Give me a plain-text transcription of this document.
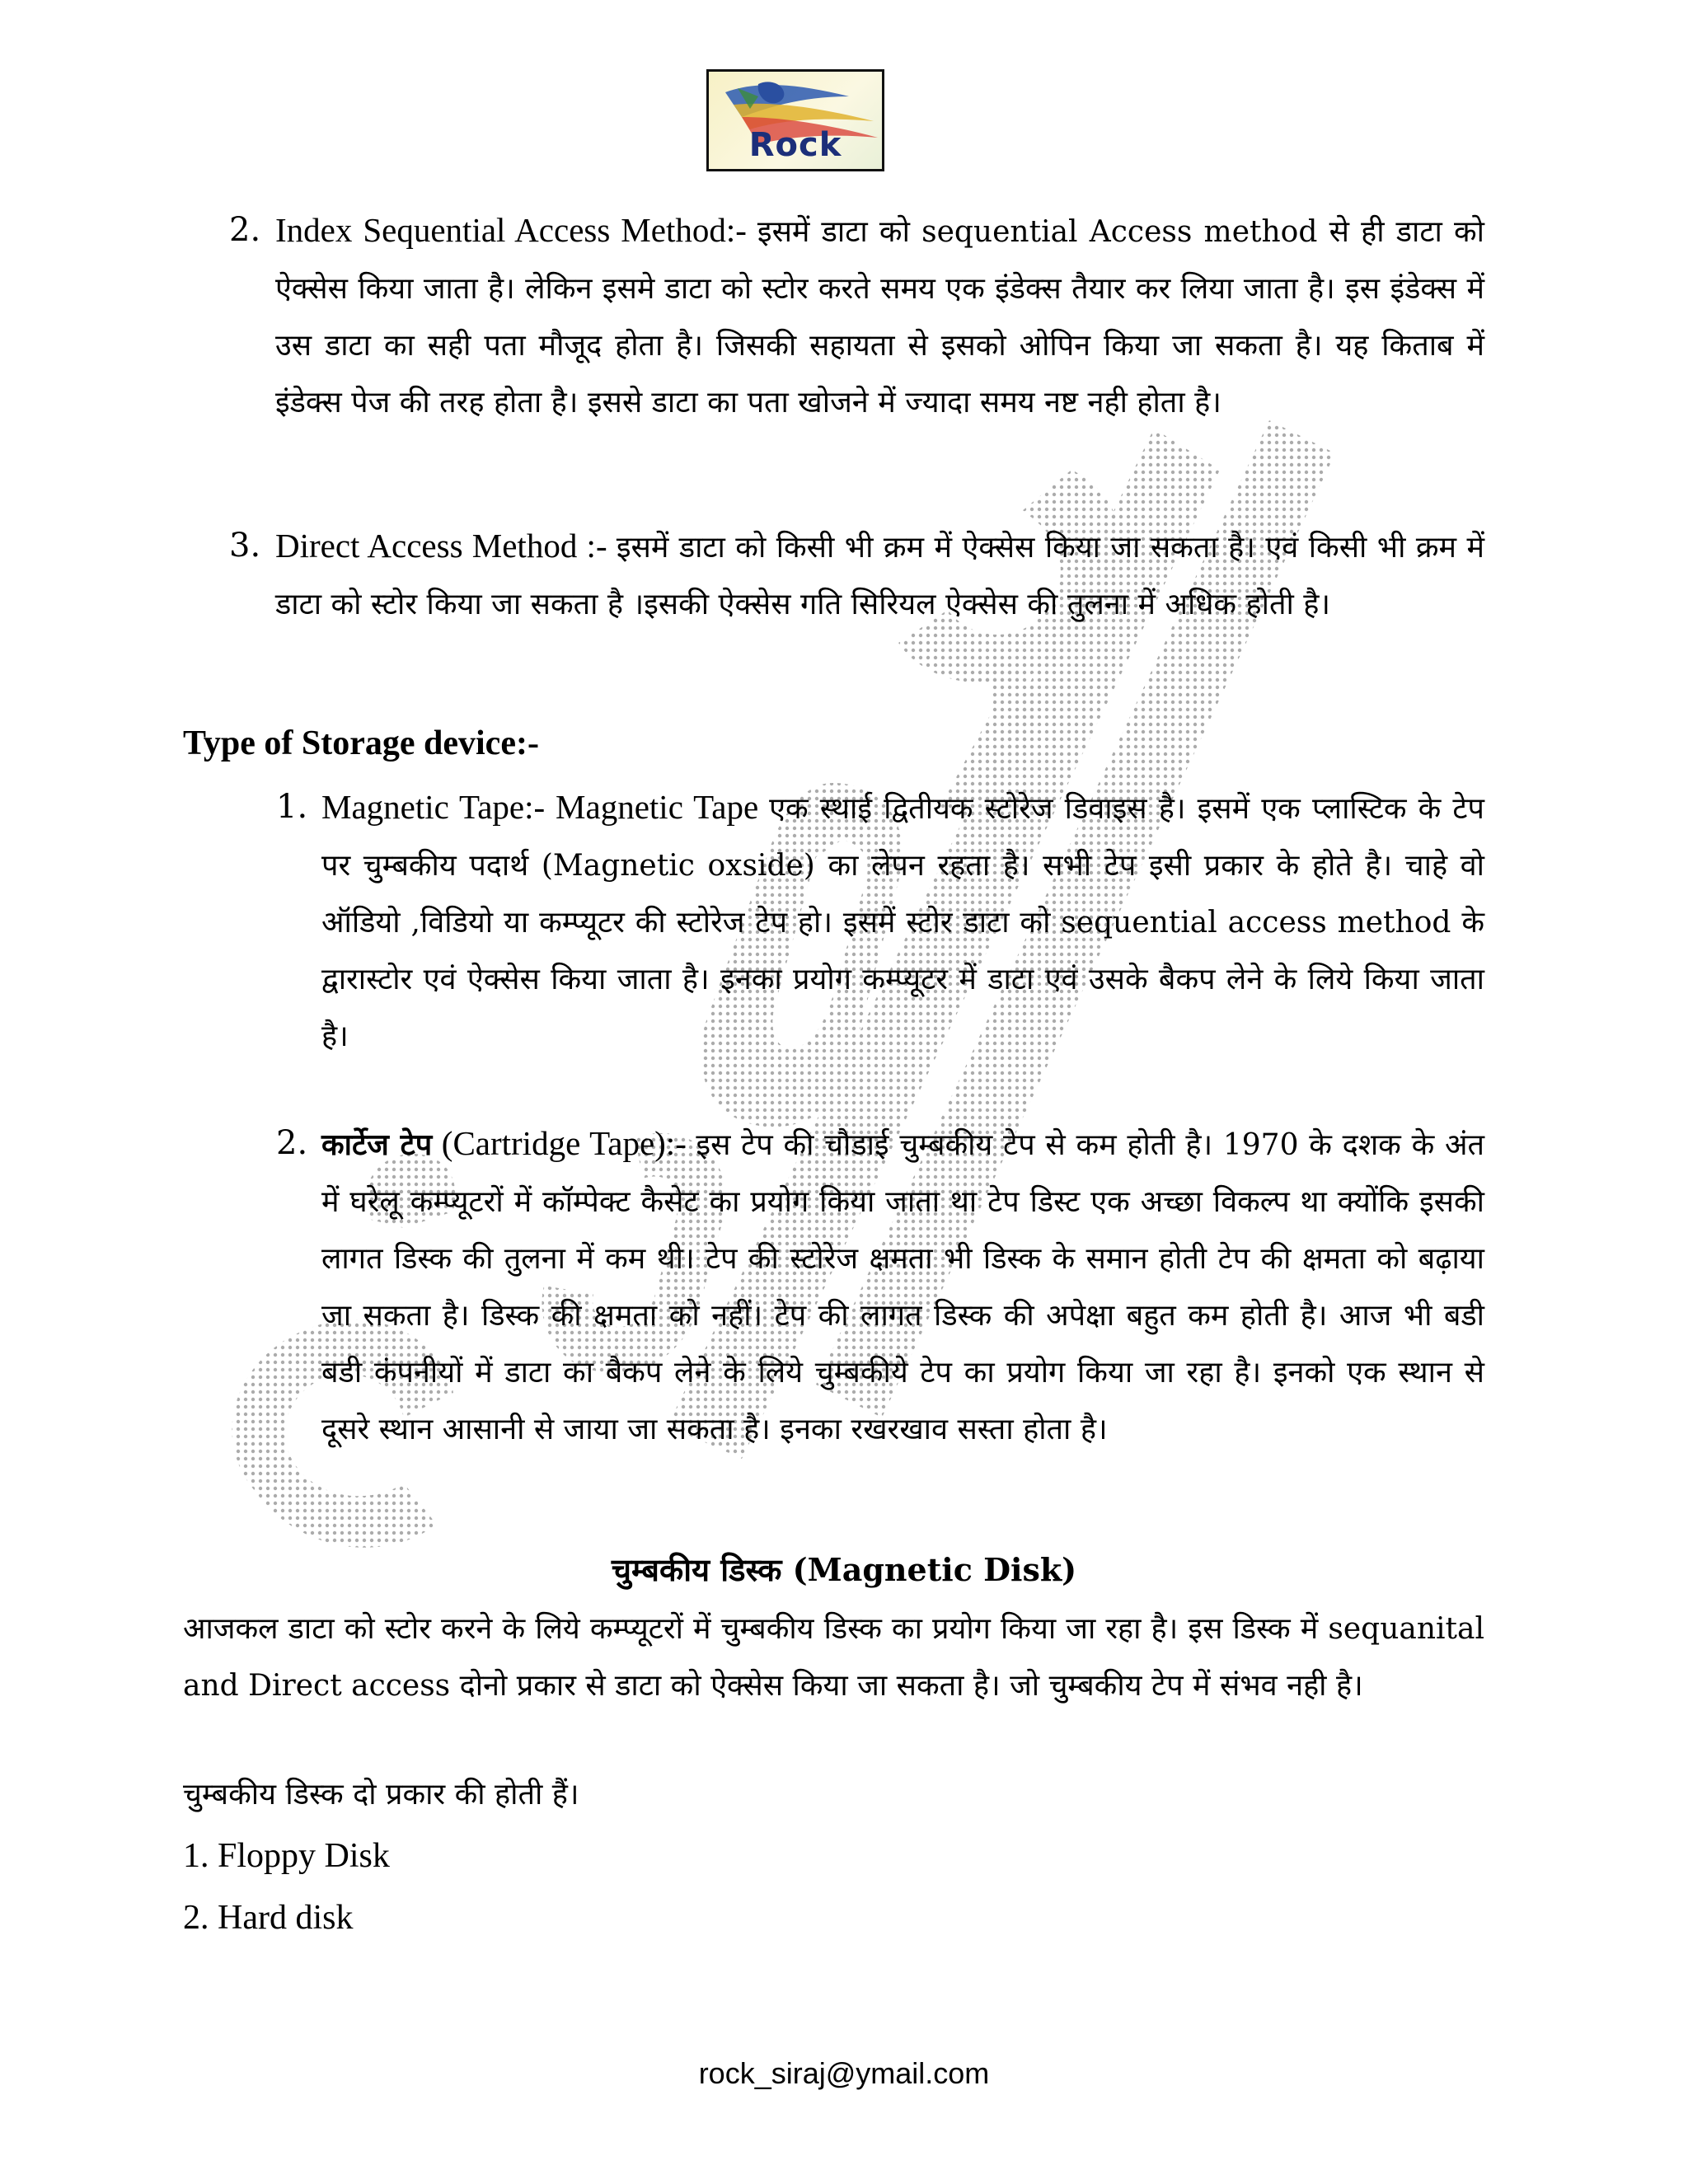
Rock
2. Index Sequential Access Method:- इसमें डाटा को sequential Access method से ही डाटा को ऐक्सेस किया जाता है। लेकिन इसमे डाटा को स्टोर करते समय एक इंडेक्स तैयार कर लिया जाता है। इस इंडेक्स में उस डाटा का सही पता मौजूद होता है। जिसकी सहायता से इसको ओपिन किया जा सकता है। यह किताब में इंडेक्स पेज की तरह होता है। इससे डाटा का पता खोजने में ज्यादा समय नष्ट नही होता है।
3. Direct Access Method :- इसमें डाटा को किसी भी क्रम में ऐक्सेस किया जा सकता है। एवं किसी भी क्रम में डाटा को स्टोर किया जा सकता है ।इसकी ऐक्सेस गति सिरियल ऐक्सेस की तुलना में अधिक होती है।
Type of Storage device:-
1. Magnetic Tape:- Magnetic Tape एक स्थाई द्वितीयक स्टोरेज डिवाइस है। इसमें एक प्लास्टिक के टेप पर चुम्बकीय पदार्थ (Magnetic oxside) का लेपन रहता है। सभी टेप इसी प्रकार के होते है। चाहे वो ऑडियो ,विडियो या कम्प्यूटर की स्टोरेज टेप हो। इसमें स्टोर डाटा को sequential access method के द्वारास्टोर एवं ऐक्सेस किया जाता है। इनका प्रयोग कम्प्यूटर में डाटा एवं उसके बैकप लेने के लिये किया जाता है।
2. कार्टेज टेप (Cartridge Tape):- इस टेप की चौडाई चुम्बकीय टेप से कम होती है। 1970 के दशक के अंत में घरेलू कम्प्यूटरों में कॉम्पेक्ट कैसेट का प्रयोग किया जाता था टेप डिस्ट एक अच्छा विकल्प था क्योंकि इसकी लागत डिस्क की तुलना में कम थी। टेप की स्टोरेज क्षमता भी डिस्क के समान होती टेप की क्षमता को बढ़ाया जा सकता है। डिस्क की क्षमता को नहीं। टेप की लागत डिस्क की अपेक्षा बहुत कम होती है। आज भी बडी बडी कंपनीयों में डाटा का बैकप लेने के लिये चुम्बकीये टेप का प्रयोग किया जा रहा है। इनको एक स्थान से दूसरे स्थान आसानी से जाया जा सकता है। इनका रखरखाव सस्ता होता है।
चुम्बकीय डिस्क (Magnetic Disk)
आजकल डाटा को स्टोर करने के लिये कम्प्यूटरों में चुम्बकीय डिस्क का प्रयोग किया जा रहा है। इस डिस्क में sequanital and Direct access दोनो प्रकार से डाटा को ऐक्सेस किया जा सकता है। जो चुम्बकीय टेप में संभव नही है।
चुम्बकीय डिस्क दो प्रकार की होती हैं।
1. Floppy Disk
2. Hard disk
rock_siraj@ymail.com
